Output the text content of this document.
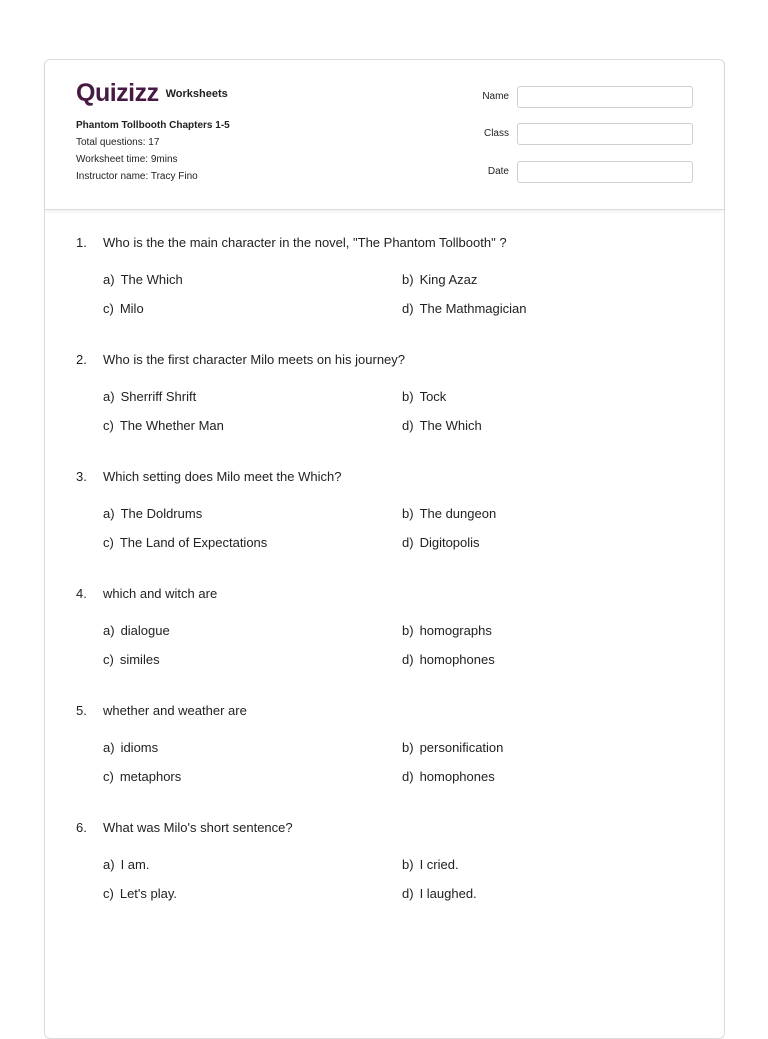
Quizizz Worksheets
Phantom Tollbooth Chapters 1-5
Total questions: 17
Worksheet time: 9mins
Instructor name: Tracy Fino
Name
Class
Date
1. Who is the the main character in the novel, "The Phantom Tollbooth" ?
a) The Which	b) King Azaz
c) Milo	d) The Mathmagician
2. Who is the first character Milo meets on his journey?
a) Sherriff Shrift	b) Tock
c) The Whether Man	d) The Which
3. Which setting does Milo meet the Which?
a) The Doldrums	b) The dungeon
c) The Land of Expectations	d) Digitopolis
4. which and witch are
a) dialogue	b) homographs
c) similes	d) homophones
5. whether and weather are
a) idioms	b) personification
c) metaphors	d) homophones
6. What was Milo's short sentence?
a) I am.	b) I cried.
c) Let's play.	d) I laughed.
